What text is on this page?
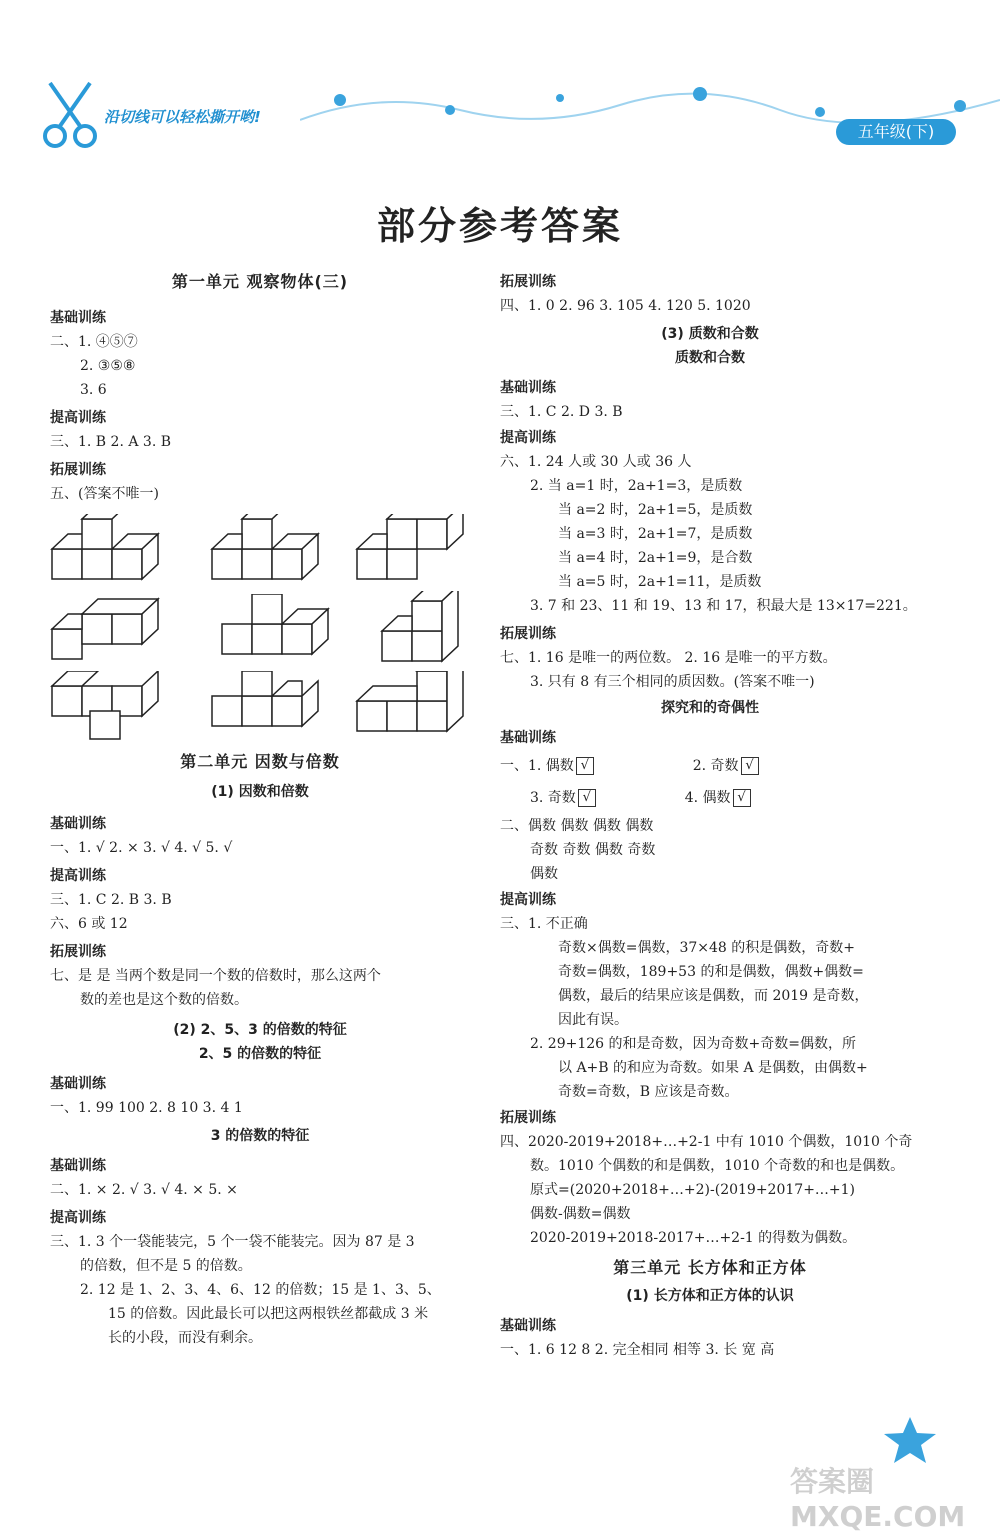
沿切线可以轻松撕开哟!
五年级(下)
部分参考答案

第一单元 观察物体(三)

基础训练

二、1. ④⑤⑦

2. ③⑤⑧

3. 6

提高训练

三、1. B 2. A 3. B

拓展训练

五、(答案不唯一)

第二单元 因数与倍数

(1) 因数和倍数

基础训练

一、1. √ 2. × 3. √ 4. √ 5. √

提高训练

三、1. C 2. B 3. B

六、6 或 12

拓展训练

七、是 是 当两个数是同一个数的倍数时，那么这两个

数的差也是这个数的倍数。

(2) 2、5、3 的倍数的特征

2、5 的倍数的特征

基础训练

一、1. 99 100 2. 8 10 3. 4 1

3 的倍数的特征

基础训练

二、1. × 2. √ 3. √ 4. × 5. ×

提高训练

三、1. 3 个一袋能装完，5 个一袋不能装完。因为 87 是 3

的倍数，但不是 5 的倍数。

2. 12 是 1、2、3、4、6、12 的倍数；15 是 1、3、5、

15 的倍数。因此最长可以把这两根铁丝都截成 3 米

长的小段，而没有剩余。

拓展训练

四、1. 0 2. 96 3. 105 4. 120 5. 1020

(3) 质数和合数

质数和合数

基础训练

三、1. C 2. D 3. B

提高训练

六、1. 24 人或 30 人或 36 人

2. 当 a=1 时，2a+1=3，是质数

当 a=2 时，2a+1=5，是质数

当 a=3 时，2a+1=7，是质数

当 a=4 时，2a+1=9，是合数

当 a=5 时，2a+1=11，是质数

3. 7 和 23、11 和 19、13 和 17，积最大是 13×17=221。

拓展训练

七、1. 16 是唯一的两位数。 2. 16 是唯一的平方数。

3. 只有 8 有三个相同的质因数。(答案不唯一)

探究和的奇偶性

基础训练

一、1. 偶数 √	2. 奇数 √

3. 奇数 √	4. 偶数 √

二、偶数 偶数 偶数 偶数

奇数 奇数 偶数 奇数

偶数

提高训练

三、1. 不正确

奇数×偶数=偶数，37×48 的积是偶数，奇数+

奇数=偶数，189+53 的和是偶数，偶数+偶数=

偶数，最后的结果应该是偶数，而 2019 是奇数，

因此有误。

2. 29+126 的和是奇数，因为奇数+奇数=偶数，所

以 A+B 的和应为奇数。如果 A 是偶数，由偶数+

奇数=奇数，B 应该是奇数。

拓展训练

四、2020-2019+2018+…+2-1 中有 1010 个偶数，1010 个奇

数。1010 个偶数的和是偶数，1010 个奇数的和也是偶数。

原式=(2020+2018+…+2)-(2019+2017+…+1)

偶数-偶数=偶数

2020-2019+2018-2017+…+2-1 的得数为偶数。

第三单元 长方体和正方体

(1) 长方体和正方体的认识

基础训练

一、1. 6 12 8 2. 完全相同 相等 3. 长 宽 高

答案圈 MXQE.COM
